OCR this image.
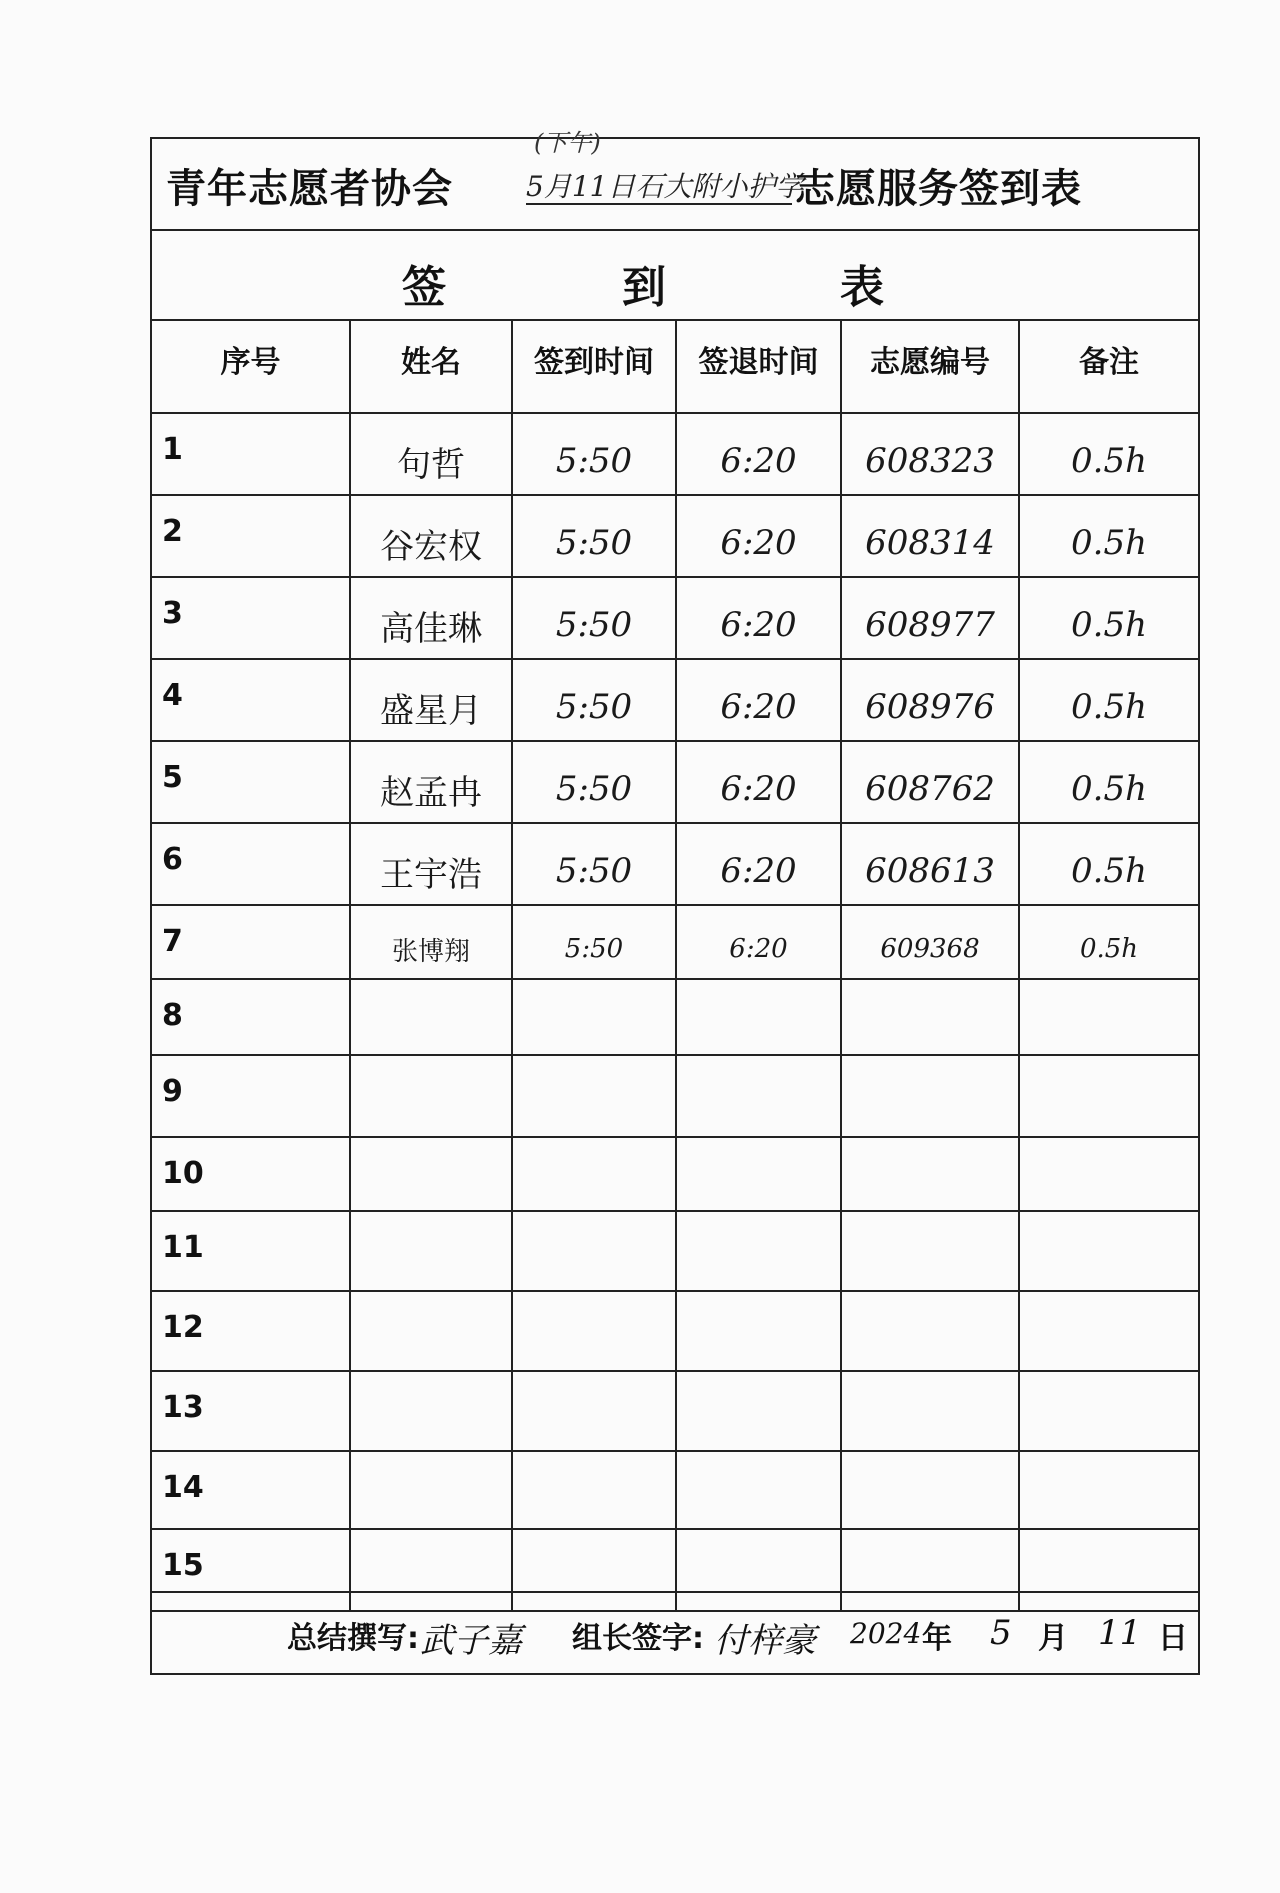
青年志愿者协会
(下午)
5月11日石大附小护学
志愿服务签到表
签	到	表
序号	姓名	签到时间	签退时间	志愿编号	备注
1	句哲	5:50	6:20	608323	0.5h
2	谷宏权	5:50	6:20	608314	0.5h
3	高佳琳	5:50	6:20	608977	0.5h
4	盛星月	5:50	6:20	608976	0.5h
5	赵孟冉	5:50	6:20	608762	0.5h
6	王宇浩	5:50	6:20	608613	0.5h
7	张博翔	5:50	6:20	609368	0.5h
8					
9					
10					
11					
12					
13					
14					
15					
总结撰写: 武子嘉 组长签字: 付梓豪 2024 年 5 月 11 日
